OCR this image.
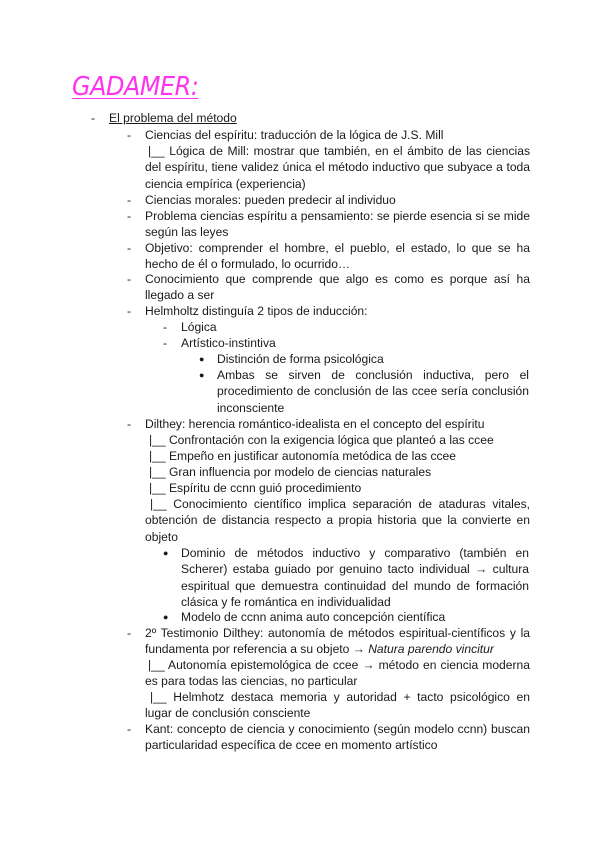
GADAMER:
- El problema del método
- Ciencias del espíritu: traducción de la lógica de J.S. Mill
|__ Lógica de Mill: mostrar que también, en el ámbito de las ciencias del espíritu, tiene validez única el método inductivo que subyace a toda ciencia empírica (experiencia)
- Ciencias morales: pueden predecir al individuo
- Problema ciencias espíritu a pensamiento: se pierde esencia si se mide según las leyes
- Objetivo: comprender el hombre, el pueblo, el estado, lo que se ha hecho de él o formulado, lo ocurrido…
- Conocimiento que comprende que algo es como es porque así ha llegado a ser
- Helmholtz distinguía 2 tipos de inducción:
- Lógica
- Artístico-instintiva
● Distinción de forma psicológica
● Ambas se sirven de conclusión inductiva, pero el procedimiento de conclusión de las ccee sería conclusión inconsciente
- Dilthey: herencia romántico-idealista en el concepto del espíritu
|__ Confrontación con la exigencia lógica que planteó a las ccee
|__ Empeño en justificar autonomía metódica de las ccee
|__ Gran influencia por modelo de ciencias naturales
|__ Espíritu de ccnn guió procedimiento
|__ Conocimiento científico implica separación de ataduras vitales, obtención de distancia respecto a propia historia que la convierte en objeto
● Dominio de métodos inductivo y comparativo (también en Scherer) estaba guiado por genuino tacto individual → cultura espiritual que demuestra continuidad del mundo de formación clásica y fe romántica en individualidad
● Modelo de ccnn anima auto concepción científica
- 2º Testimonio Dilthey: autonomía de métodos espiritual-científicos y la fundamenta por referencia a su objeto → Natura parendo vincitur
|__ Autonomía epistemológica de ccee → método en ciencia moderna es para todas las ciencias, no particular
|__ Helmhotz destaca memoria y autoridad + tacto psicológico en lugar de conclusión consciente
- Kant: concepto de ciencia y conocimiento (según modelo ccnn) buscan particularidad específica de ccee en momento artístico
